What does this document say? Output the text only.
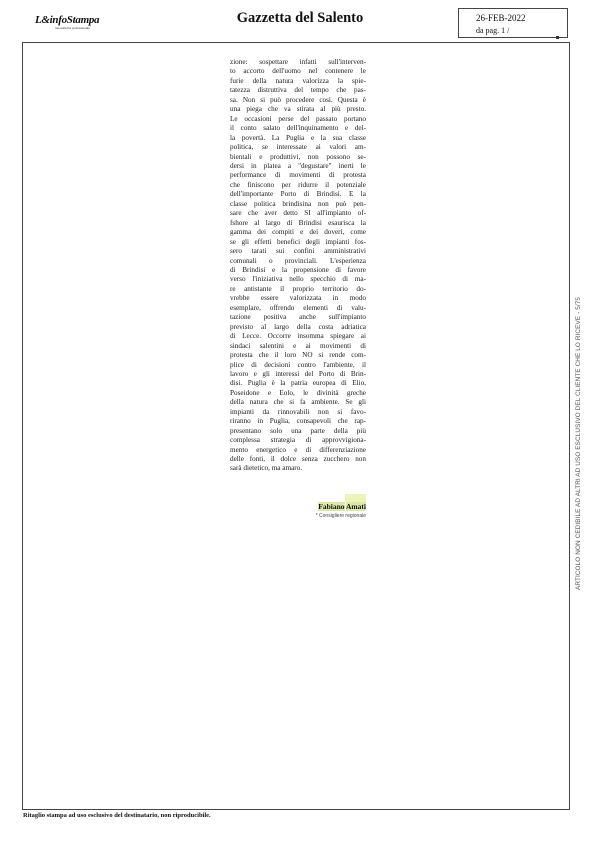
L&infoStampa
riservatezza professionale
Gazzetta del Salento	26-FEB-2022
da pag. 1 /
zione: sospettare infatti sull'interven-
to accorto dell'uomo nel contenere le
furie della natura valorizza la spie-
tatezza distruttiva del tempo che pas-
sa. Non si può procedere così. Questa è
una piega che va stirata al più presto.
Le occasioni perse del passato portano
il conto salato dell'inquinamento e del-
la povertà. La Puglia e la sua classe
politica, se interessate ai valori am-
bientali e produttivi, non possono se-
dersi in platea a "degustare" inerti le
performance di movimenti di protesta
che finiscono per ridurre il potenziale
dell'importante Porto di Brindisi. E la
classe politica brindisina non può pen-
sare che aver detto SI all'impianto of-
fshore al largo di Brindisi esaurisca la
gamma dei compiti e dei doveri, come
se gli effetti benefici degli impianti fos-
sero tarati sui confini amministrativi
comunali o provinciali. L'esperienza
di Brindisi e la propensione di favore
verso l'iniziativa nello specchio di ma-
re antistante il proprio territorio do-
vrebbe essere valorizzata in modo
esemplare, offrendo elementi di valu-
tazione positiva anche sull'impianto
previsto al largo della costa adriatica
di Lecce. Occorre insomma spiegare ai
sindaci salentini e ai movimenti di
protesta che il loro NO si rende com-
plice di decisioni contro l'ambiente, il
lavoro e gli interessi del Porto di Brin-
disi. Puglia è la patria europea di Elio,
Poseidone e Eolo, le divinità greche
della natura che si fa ambiente. Se gli
impianti da rinnovabili non si favo-
riranno in Puglia, consapevoli che rap-
presentano solo una parte della più
complessa strategia di approvvigiona-
mento energetico e di differenziazione
delle fonti, il dolce senza zucchero non
sarà dietetico, ma amaro.
Fabiano Amati
* Consigliere regionale	ARTICOLO NON CEDIBILE AD ALTRI AD USO ESCLUSIVO DEL CLIENTE CHE LO RICEVE - 5/75
Ritaglio stampa ad uso esclusivo del destinatario, non riproducibile.
